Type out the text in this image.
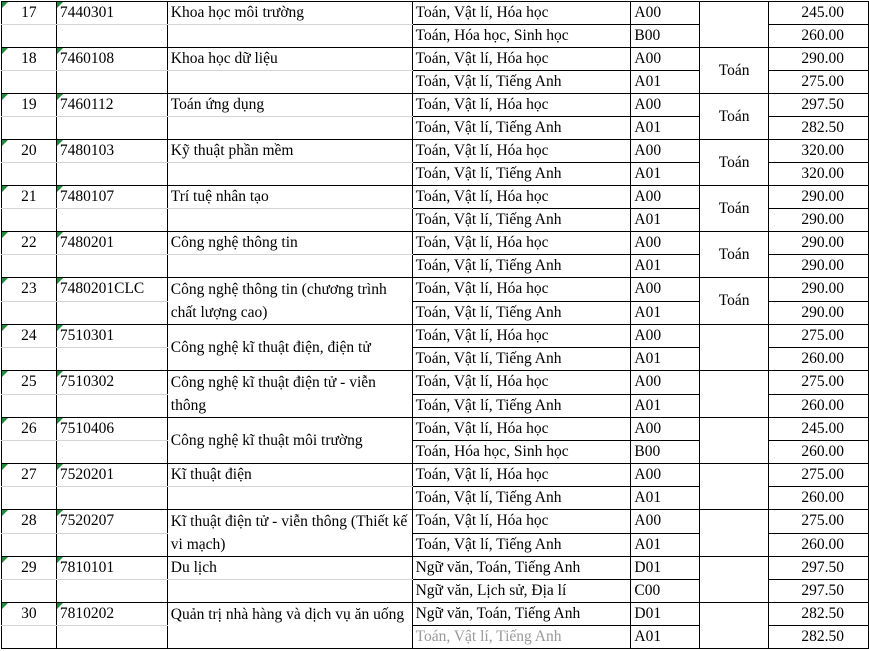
17	7440301	Khoa học môi trường	Toán, Vật lí, Hóa học	A00		245.00
			Toán, Hóa học, Sinh học	B00		260.00
18	7460108	Khoa học dữ liệu	Toán, Vật lí, Hóa học	A00	Toán	290.00
			Toán, Vật lí, Tiếng Anh	A01		275.00
19	7460112	Toán ứng dụng	Toán, Vật lí, Hóa học	A00	Toán	297.50
			Toán, Vật lí, Tiếng Anh	A01		282.50
20	7480103	Kỹ thuật phần mềm	Toán, Vật lí, Hóa học	A00	Toán	320.00
			Toán, Vật lí, Tiếng Anh	A01		320.00
21	7480107	Trí tuệ nhân tạo	Toán, Vật lí, Hóa học	A00	Toán	290.00
			Toán, Vật lí, Tiếng Anh	A01		290.00
22	7480201	Công nghệ thông tin	Toán, Vật lí, Hóa học	A00	Toán	290.00
			Toán, Vật lí, Tiếng Anh	A01		290.00
23	7480201CLC	Công nghệ thông tin (chương trình chất lượng cao)	Toán, Vật lí, Hóa học	A00	Toán	290.00
			Toán, Vật lí, Tiếng Anh	A01		290.00
24	7510301	Công nghệ kĩ thuật điện, điện tử	Toán, Vật lí, Hóa học	A00		275.00
			Toán, Vật lí, Tiếng Anh	A01		260.00
25	7510302	Công nghệ kĩ thuật điện tử - viễn thông	Toán, Vật lí, Hóa học	A00		275.00
			Toán, Vật lí, Tiếng Anh	A01		260.00
26	7510406	Công nghệ kĩ thuật môi trường	Toán, Vật lí, Hóa học	A00		245.00
			Toán, Hóa học, Sinh học	B00		260.00
27	7520201	Kĩ thuật điện	Toán, Vật lí, Hóa học	A00		275.00
			Toán, Vật lí, Tiếng Anh	A01		260.00
28	7520207	Kĩ thuật điện tử - viễn thông (Thiết kế vi mạch)	Toán, Vật lí, Hóa học	A00		275.00
			Toán, Vật lí, Tiếng Anh	A01		260.00
29	7810101	Du lịch	Ngữ văn, Toán, Tiếng Anh	D01		297.50
			Ngữ văn, Lịch sử, Địa lí	C00		297.50
30	7810202	Quản trị nhà hàng và dịch vụ ăn uống	Ngữ văn, Toán, Tiếng Anh	D01		282.50
			Toán, Vật lí, Tiếng Anh	A01		282.50
